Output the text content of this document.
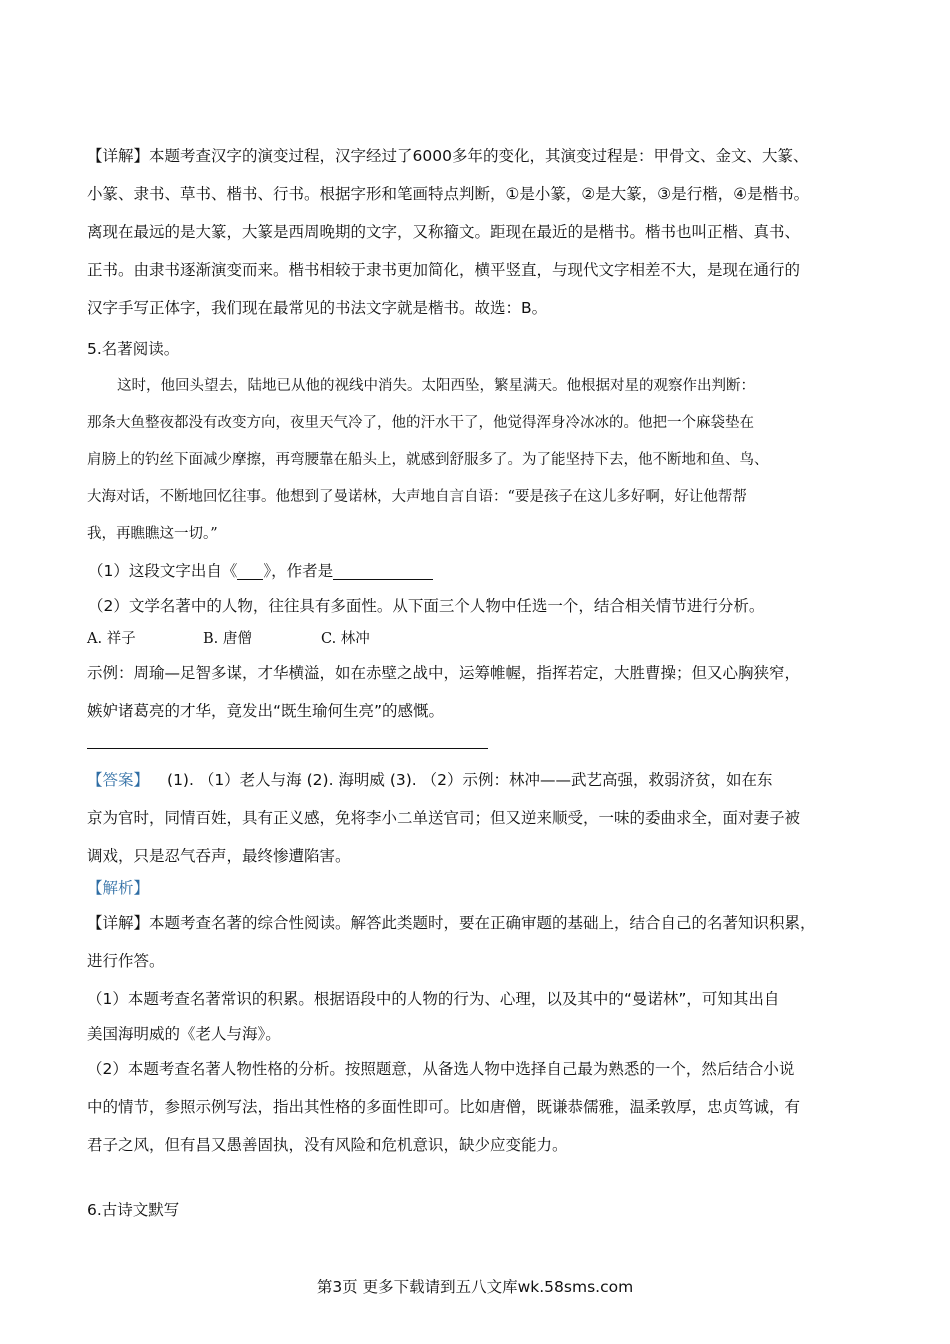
【详解】本题考查汉字的演变过程，汉字经过了6000多年的变化，其演变过程是：甲骨文、金文、大篆、
小篆、隶书、草书、楷书、行书。根据字形和笔画特点判断，①是小篆，②是大篆，③是行楷，④是楷书。
离现在最远的是大篆，大篆是西周晚期的文字，又称籀文。距现在最近的是楷书。楷书也叫正楷、真书、
正书。由隶书逐渐演变而来。楷书相较于隶书更加简化，横平竖直，与现代文字相差不大，是现在通行的
汉字手写正体字，我们现在最常见的书法文字就是楷书。故选：B。
5.名著阅读。
这时，他回头望去，陆地已从他的视线中消失。太阳西坠，繁星满天。他根据对星的观察作出判断：
那条大鱼整夜都没有改变方向，夜里天气冷了，他的汗水干了，他觉得浑身冷冰冰的。他把一个麻袋垫在
肩膀上的钓丝下面减少摩擦，再弯腰靠在船头上，就感到舒服多了。为了能坚持下去，他不断地和鱼、鸟、
大海对话，不断地回忆往事。他想到了曼诺林，大声地自言自语：“要是孩子在这儿多好啊，好让他帮帮
我，再瞧瞧这一切。”
（1）这段文字出自《 》，作者是
（2）文学名著中的人物，往往具有多面性。从下面三个人物中任选一个，结合相关情节进行分析。
A. 祥子	B. 唐僧	C. 林冲
示例：周瑜—足智多谋，才华横溢，如在赤壁之战中，运筹帷幄，指挥若定，大胜曹操；但又心胸狭窄，
嫉妒诸葛亮的才华，竟发出“既生瑜何生亮”的感慨。
【答案】 (1). （1）老人与海 (2). 海明威 (3). （2）示例：林冲——武艺高强，救弱济贫，如在东
京为官时，同情百姓，具有正义感，免将李小二单送官司；但又逆来顺受，一味的委曲求全，面对妻子被
调戏，只是忍气吞声，最终惨遭陷害。
【解析】
【详解】本题考查名著的综合性阅读。解答此类题时，要在正确审题的基础上，结合自己的名著知识积累，
进行作答。
（1）本题考查名著常识的积累。根据语段中的人物的行为、心理，以及其中的“曼诺林”，可知其出自
美国海明威的《老人与海》。
（2）本题考查名著人物性格的分析。按照题意，从备选人物中选择自己最为熟悉的一个，然后结合小说
中的情节，参照示例写法，指出其性格的多面性即可。比如唐僧，既谦恭儒雅，温柔敦厚，忠贞笃诚，有
君子之风，但有昌又愚善固执，没有风险和危机意识，缺少应变能力。
6.古诗文默写
第3页 更多下载请到五八文库wk.58sms.com
